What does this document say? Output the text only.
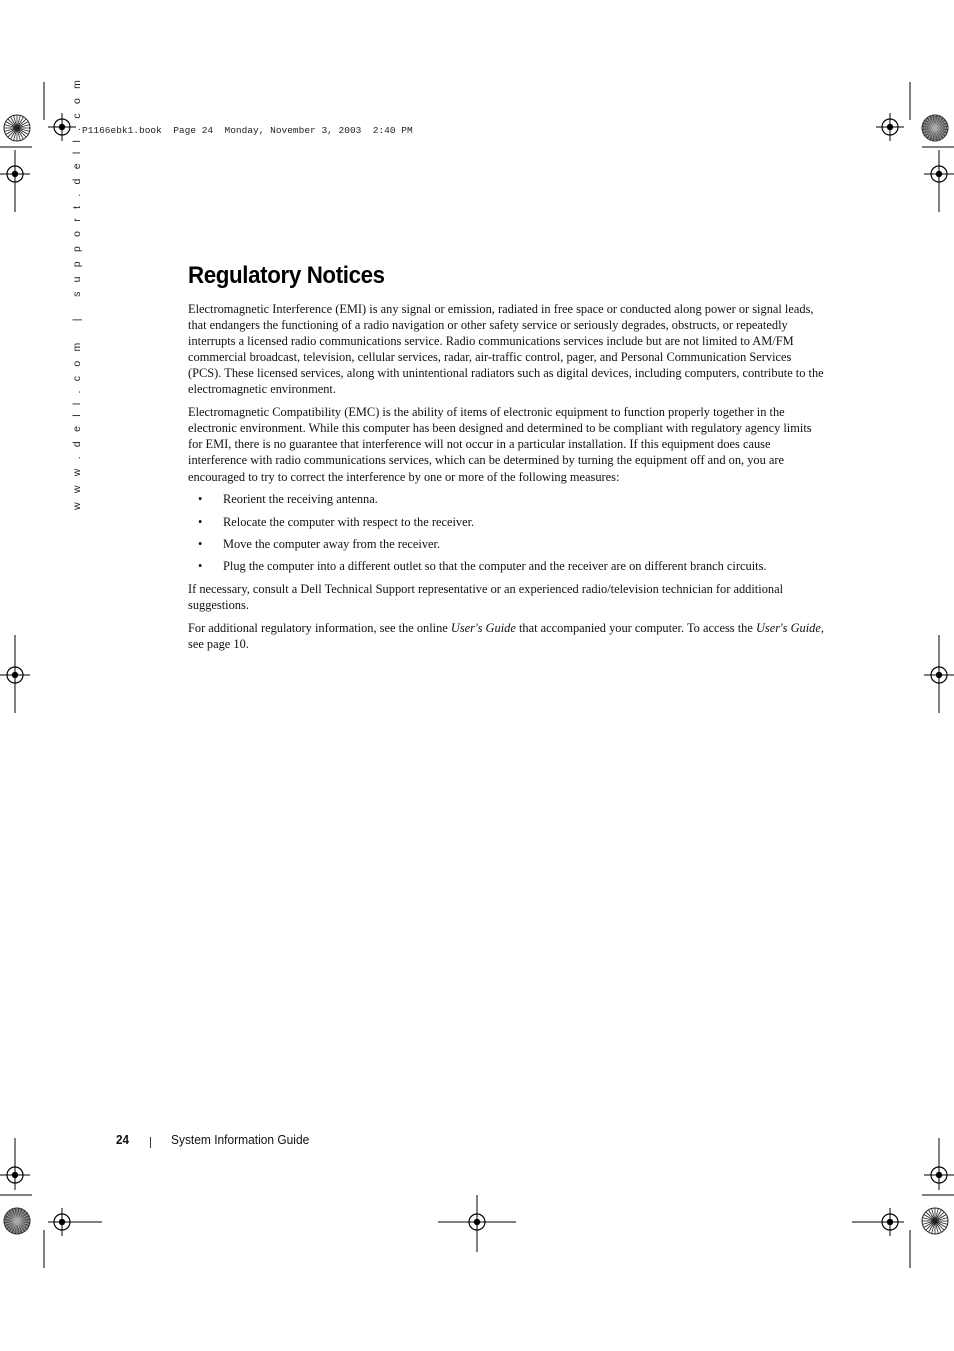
P1166ebk1.book  Page 24  Monday, November 3, 2003  2:40 PM
w w w . d e l l . c o m   |   s u p p o r t . d e l l . c o m	Regulatory Notices

Electromagnetic Interference (EMI) is any signal or emission, radiated in free space or conducted along power or signal leads, that endangers the functioning of a radio navigation or other safety service or seriously degrades, obstructs, or repeatedly interrupts a licensed radio communications service. Radio communications services include but are not limited to AM/FM commercial broadcast, television, cellular services, radar, air-traffic control, pager, and Personal Communication Services (PCS). These licensed services, along with unintentional radiators such as digital devices, including computers, contribute to the electromagnetic environment.

Electromagnetic Compatibility (EMC) is the ability of items of electronic equipment to function properly together in the electronic environment. While this computer has been designed and determined to be compliant with regulatory agency limits for EMI, there is no guarantee that interference will not occur in a particular installation. If this equipment does cause interference with radio communications services, which can be determined by turning the equipment off and on, you are encouraged to try to correct the interference by one or more of the following measures:

• Reorient the receiving antenna.
• Relocate the computer with respect to the receiver.
• Move the computer away from the receiver.
• Plug the computer into a different outlet so that the computer and the receiver are on different branch circuits.

If necessary, consult a Dell Technical Support representative or an experienced radio/television technician for additional suggestions.

For additional regulatory information, see the online User's Guide that accompanied your computer. To access the User's Guide, see page 10.

24	System Information Guide
